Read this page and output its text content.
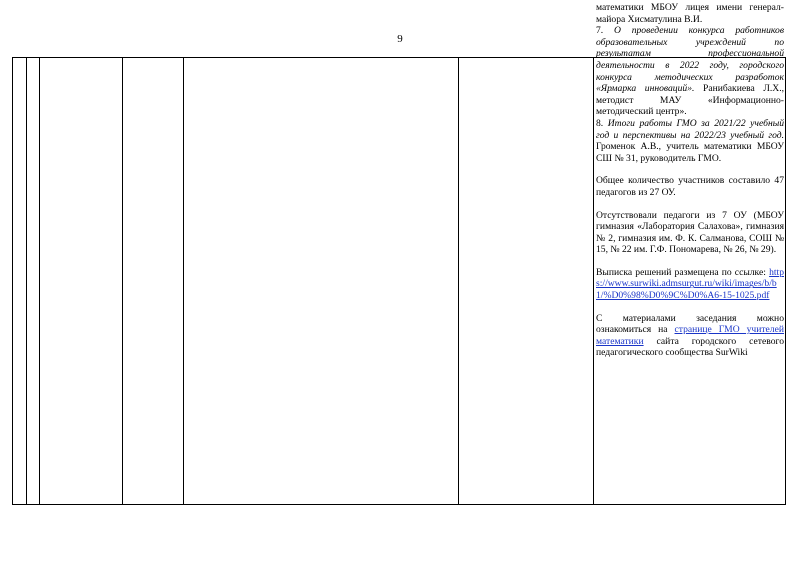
9

математики МБОУ лицея имени генерал-майора Хисматулина В.И.

7. О проведении конкурса работников образовательных учреждений по результатам профессиональной деятельности в 2022 году, городского конкурса методических разработок «Ярмарка инноваций». Ранибакиева Л.Х., методист МАУ «Информационно-методический центр».

8. Итоги работы ГМО за 2021/22 учебный год и перспективы на 2022/23 учебный год. Громенок А.В., учитель математики МБОУ СШ № 31, руководитель ГМО.

Общее количество участников составило 47 педагогов из 27 ОУ.

Отсутствовали педагоги из 7 ОУ (МБОУ гимназия «Лаборатория Салахова», гимназия № 2, гимназия им. Ф. К. Салманова, СОШ № 15, № 22 им. Г.Ф. Пономарева, № 26, № 29).

Выписка решений размещена по ссылке: https://www.surwiki.admsurgut.ru/wiki/images/b/b1/%D0%98%D0%9C%D0%A6-15-1025.pdf

С материалами заседания можно ознакомиться на странице ГМО учителей математики сайта городского сетевого педагогического сообщества SurWiki
